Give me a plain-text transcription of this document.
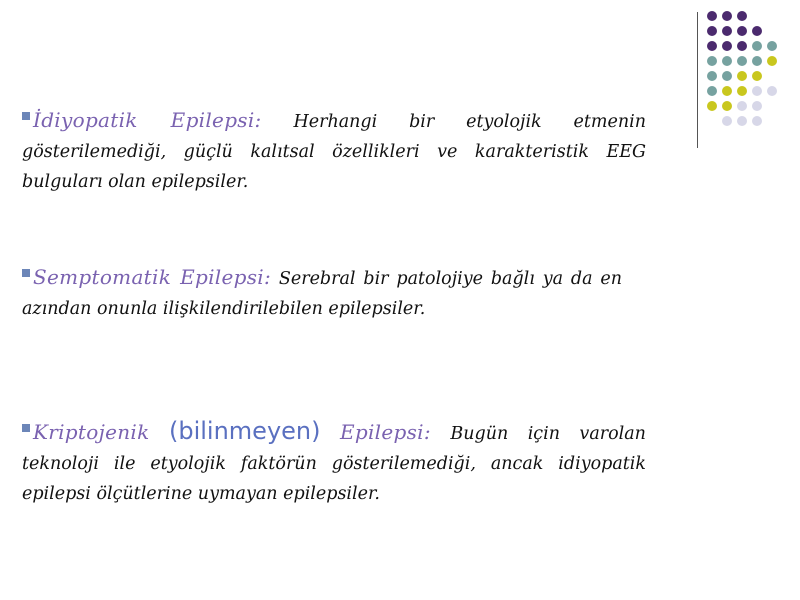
İdiyopatik Epilepsi: Herhangi bir etyolojik etmenin gösterilemediği, güçlü kalıtsal özellikleri ve karakteristik EEG bulguları olan epilepsiler.
Semptomatik Epilepsi: Serebral bir patolojiye bağlı ya da en azından onunla ilişkilendirilebilen epilepsiler.
Kriptojenik (bilinmeyen) Epilepsi: Bugün için varolan teknoloji ile etyolojik faktörün gösterilemediği, ancak idiyopatik epilepsi ölçütlerine uymayan epilepsiler.
